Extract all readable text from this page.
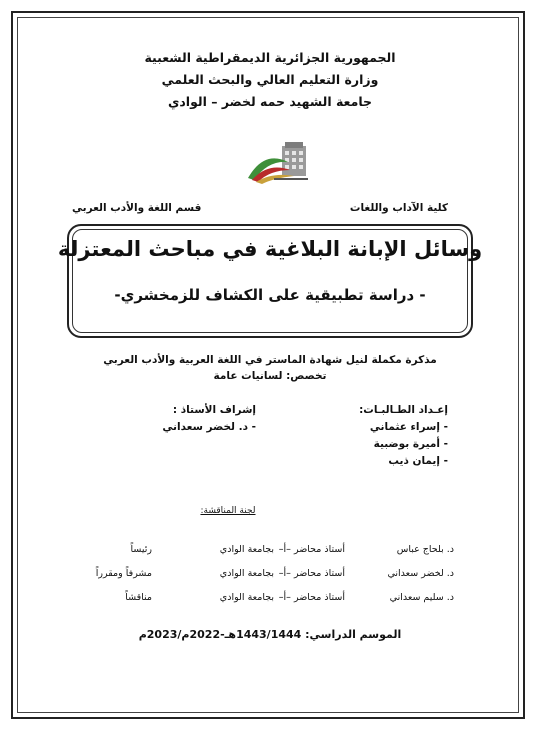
الجمهورية الجزائرية الديمقراطية الشعبية
وزارة التعليم العالي والبحث العلمي
جامعة الشهيد حمه لخضر – الوادي
كلية الآداب واللغات
قسم اللغة والأدب العربي
وسائل الإبانة البلاغية في مباحث المعتزلة
- دراسة تطبيقية على الكشاف للزمخشري-
مذكرة مكملة لنيل شهادة الماستر في اللغة العربية والأدب العربي
تخصص: لسانيات عامة
إعـداد الطـالبـات:
- إسراء عثماني
- أميرة بوضبية
- إيمان ذيب
إشراف الأستاذ :
- د. لخضر سعداني
لجنة المناقشة:
د. بلحاج عباس
أستاذ محاضر –أ–
بجامعة الوادي
رئيساً
د. لخضر سعداني
أستاذ محاضر –أ–
بجامعة الوادي
مشرفاً ومقرراً
د. سليم سعداني
أستاذ محاضر –أ–
بجامعة الوادي
مناقشاً
الموسم الدراسي: 1443/1444هـ-2022م/2023م
